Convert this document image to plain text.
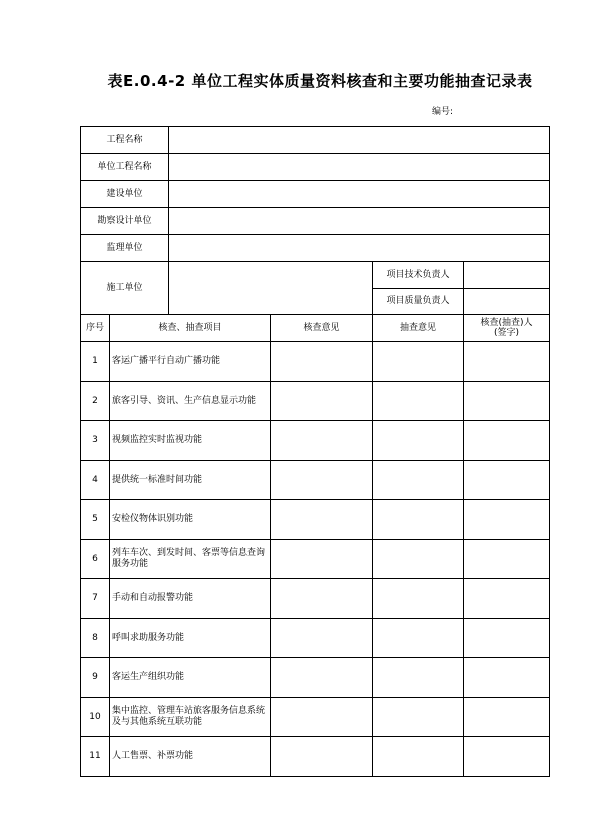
表E.0.4-2 单位工程实体质量资料核查和主要功能抽查记录表
编号:
工程名称					
单位工程名称					
建设单位					
勘察设计单位					
监理单位					
施工单位				项目技术负责人	
				项目质量负责人	
序号	核查、抽查项目		核查意见	抽查意见	核查(抽查)人
(签字)

1	客运广播平行自动广播功能				
2	旅客引导、资讯、生产信息显示功能				
3	视频监控实时监视功能				
4	提供统一标准时间功能				
5	安检仪物体识别功能				
6	列车车次、到发时间、客票等信息查询服务功能				
7	手动和自动报警功能				
8	呼叫求助服务功能				
9	客运生产组织功能				
10	集中监控、管理车站旅客服务信息系统及与其他系统互联功能				
11	人工售票、补票功能				
